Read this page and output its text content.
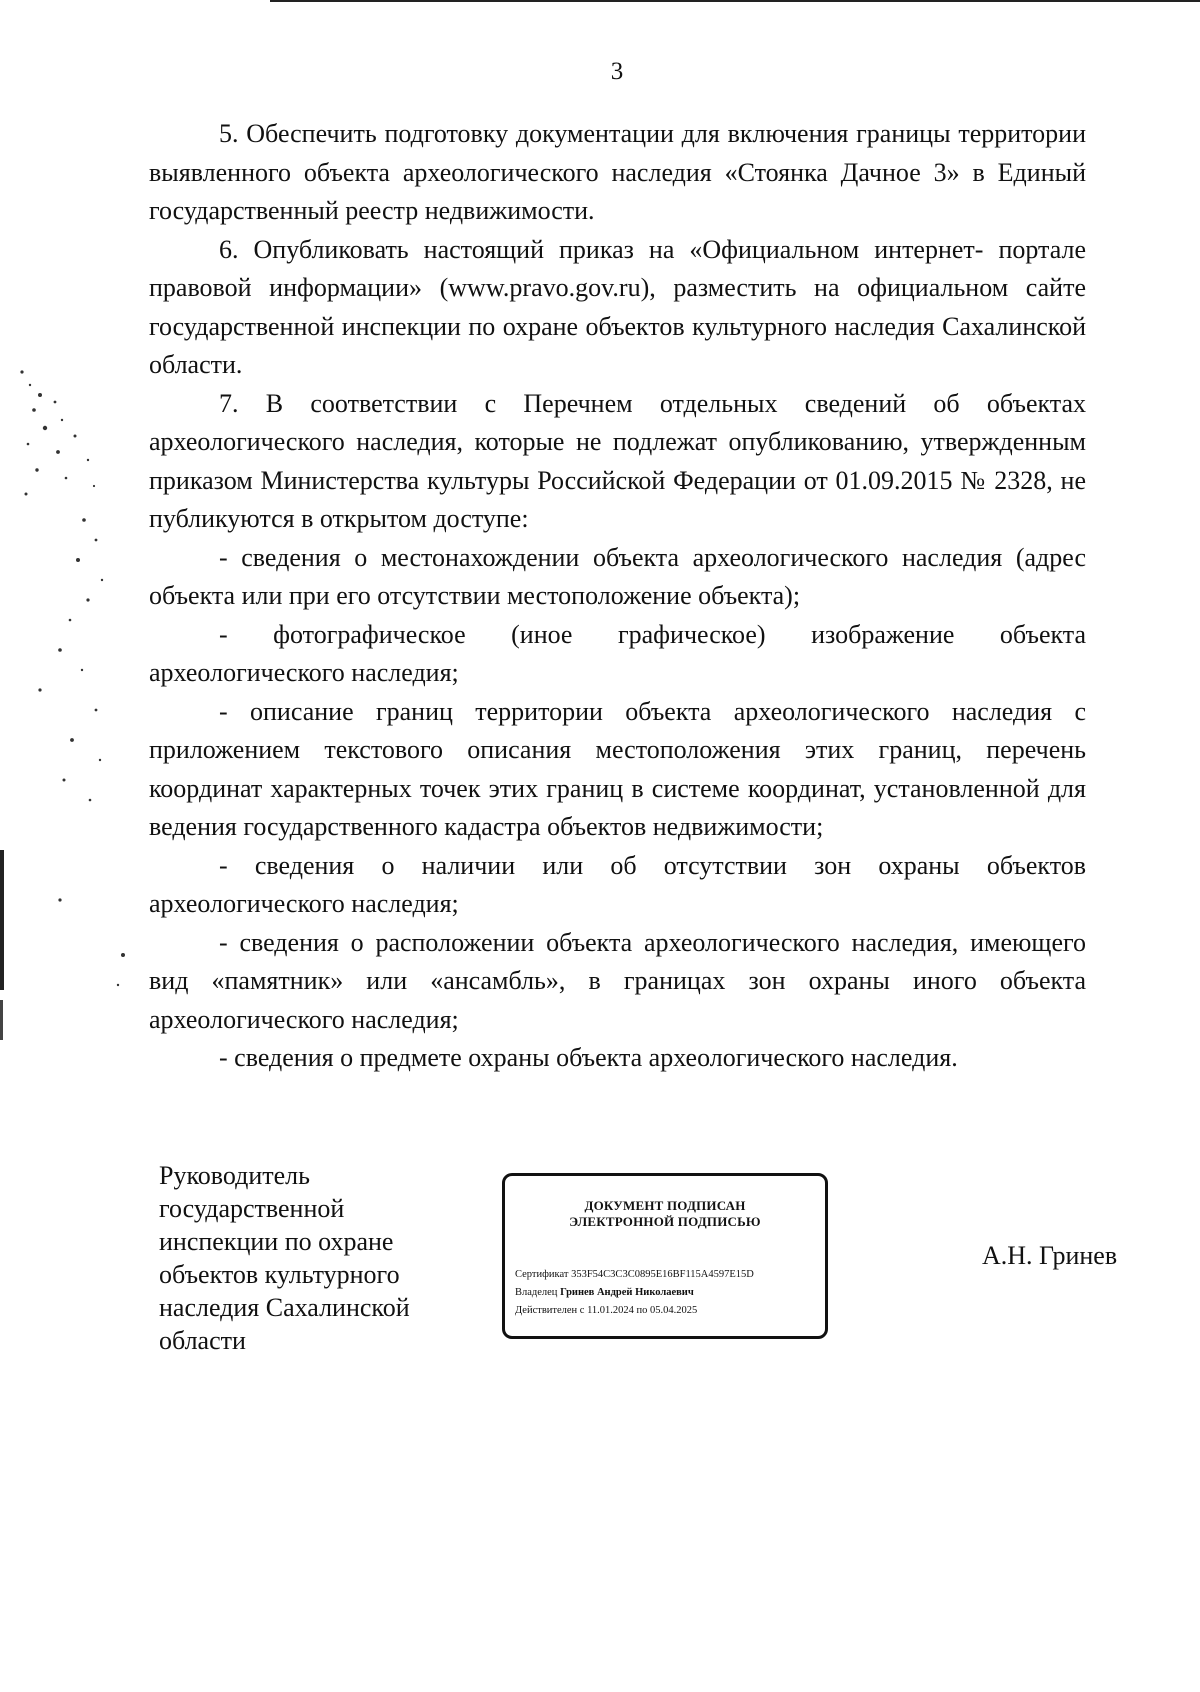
3

5. Обеспечить подготовку документации для включения границы территории выявленного объекта археологического наследия «Стоянка Дачное 3» в Единый государственный реестр недвижимости.

6. Опубликовать настоящий приказ на «Официальном интернет- портале правовой информации» (www.pravo.gov.ru), разместить на официальном сайте государственной инспекции по охране объектов культурного наследия Сахалинской области.

7. В соответствии с Перечнем отдельных сведений об объектах археологического наследия, которые не подлежат опубликованию, утвержденным приказом Министерства культуры Российской Федерации от 01.09.2015 № 2328, не публикуются в открытом доступе:

- сведения о местонахождении объекта археологического наследия (адрес объекта или при его отсутствии местоположение объекта);

- фотографическое (иное графическое) изображение объекта археологического наследия;

- описание границ территории объекта археологического наследия с приложением текстового описания местоположения этих границ, перечень координат характерных точек этих границ в системе координат, установленной для ведения государственного кадастра объектов недвижимости;

- сведения о наличии или об отсутствии зон охраны объектов археологического наследия;

- сведения о расположении объекта археологического наследия, имеющего вид «памятник» или «ансамбль», в границах зон охраны иного объекта археологического наследия;

- сведения о предмете охраны объекта археологического наследия.

Руководитель
государственной
инспекции по охране
объектов культурного
наследия Сахалинской
области
ДОКУМЕНТ ПОДПИСАН
ЭЛЕКТРОННОЙ ПОДПИСЬЮ
Сертификат 353F54C3C3C0895E16BF115A4597E15D
Владелец Гринев Андрей Николаевич
Действителен с 11.01.2024 по 05.04.2025
А.Н. Гринев
